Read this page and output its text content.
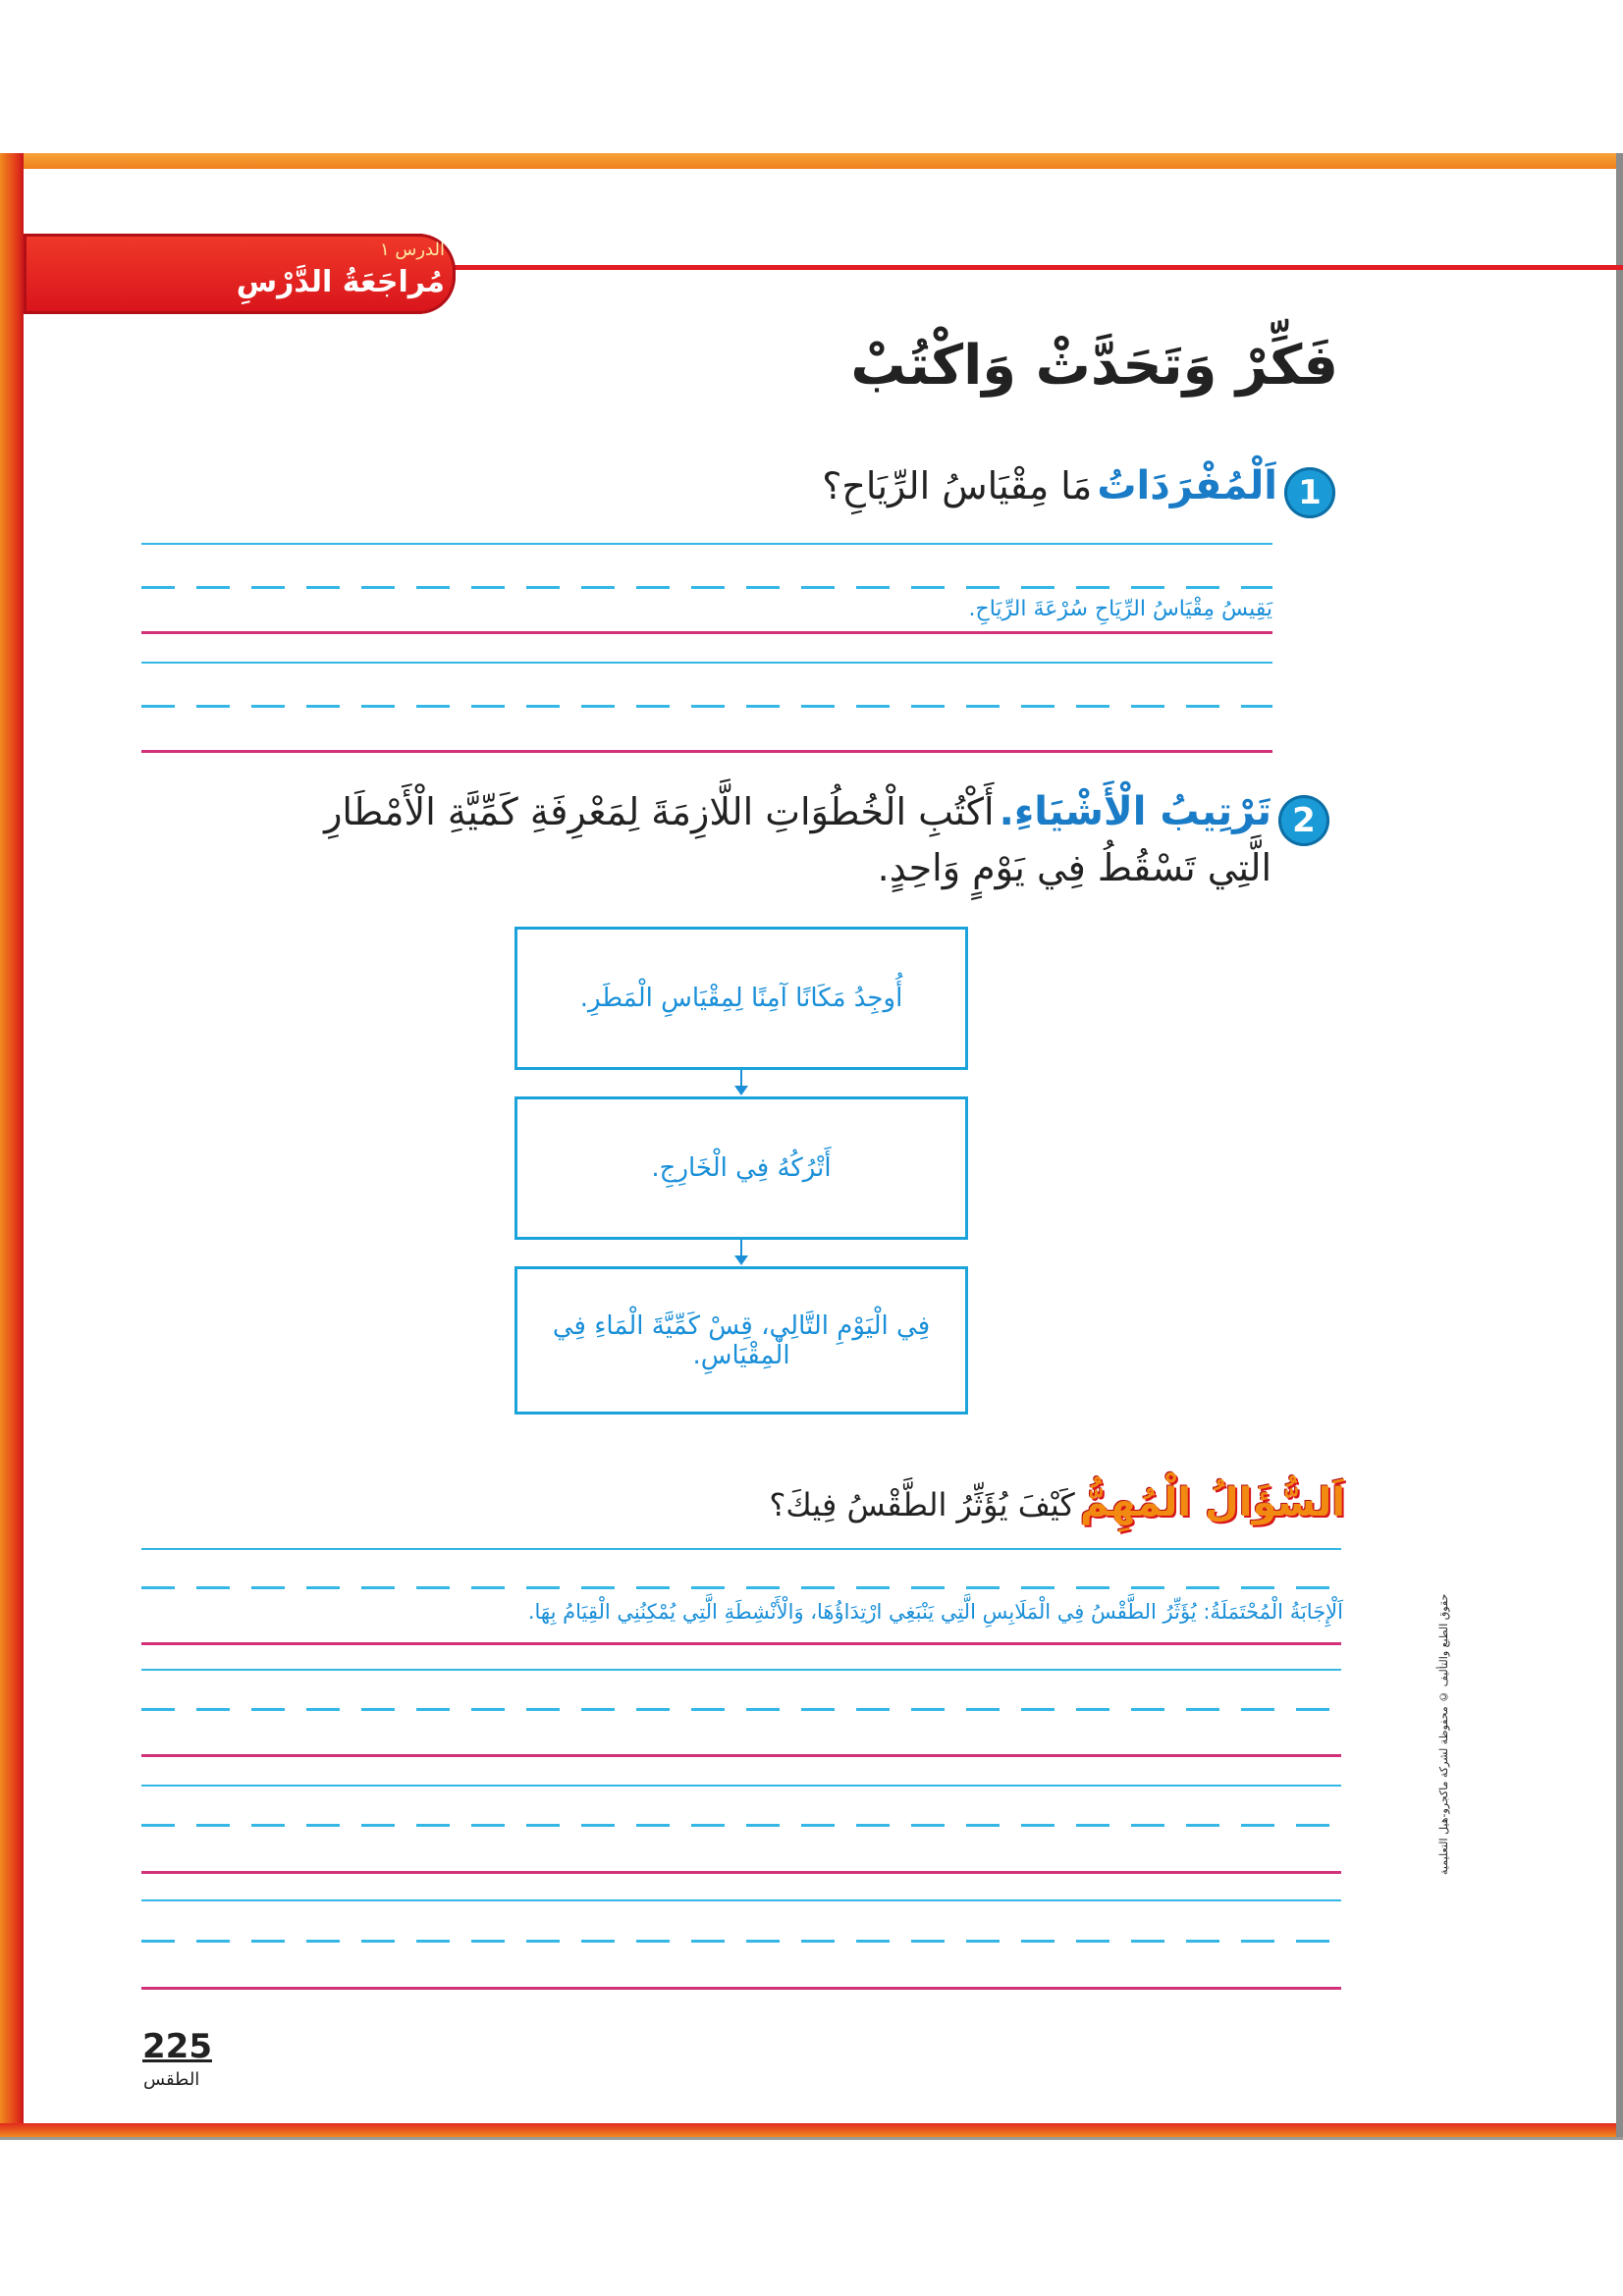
الدرس ١
مُراجَعَةُ الدَّرْسِ
فَكِّرْ وَتَحَدَّثْ وَاكْتُبْ
1
اَلْمُفْرَدَاتُ مَا مِقْيَاسُ الرِّيَاحِ؟
يَقِيسُ مِقْيَاسُ الرِّيَاحِ سُرْعَةَ الرِّيَاحِ.
2
تَرْتِيبُ الْأَشْيَاءِ. أَكْتُبِ الْخُطُوَاتِ اللَّازِمَةَ لِمَعْرِفَةِ كَمِّيَّةِ الْأَمْطَارِ
الَّتِي تَسْقُطُ فِي يَوْمٍ وَاحِدٍ.
أُوجِدُ مَكَانًا آمِنًا لِمِقْيَاسِ الْمَطَرِ.
أَتْرُكُهُ فِي الْخَارِجِ.
فِي الْيَوْمِ التَّالِي، قِسْ كَمِّيَّةَ الْمَاءِ فِي الْمِقْيَاسِ.
اَلسُّؤَالُ الْمُهِمُّ كَيْفَ يُؤَثِّرُ الطَّقْسُ فِيكَ؟
اَلْإِجَابَةُ الْمُحْتَمَلَةُ: يُؤَثِّرُ الطَّقْسُ فِي الْمَلَابِسِ الَّتِي يَنْبَغِي ارْتِدَاؤُهَا، وَالْأَنْشِطَةِ الَّتِي يُمْكِنُنِي الْقِيَامُ بِهَا.	حقوق الطبع والتأليف © محفوظة لشركة ماكجرو-هيل التعليمية
225
الطقس
